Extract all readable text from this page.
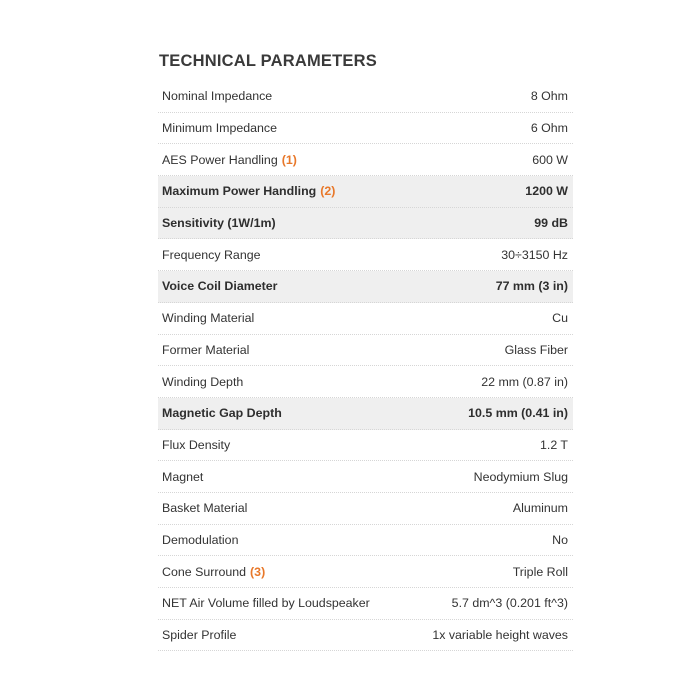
TECHNICAL PARAMETERS
Nominal Impedance	8 Ohm
Minimum Impedance	6 Ohm
AES Power Handling (1)	600 W
Maximum Power Handling (2)	1200 W
Sensitivity (1W/1m)	99 dB
Frequency Range	30÷3150 Hz
Voice Coil Diameter	77 mm (3 in)
Winding Material	Cu
Former Material	Glass Fiber
Winding Depth	22 mm (0.87 in)
Magnetic Gap Depth	10.5 mm (0.41 in)
Flux Density	1.2 T
Magnet	Neodymium Slug
Basket Material	Aluminum
Demodulation	No
Cone Surround (3)	Triple Roll
NET Air Volume filled by Loudspeaker	5.7 dm^3 (0.201 ft^3)
Spider Profile	1x variable height waves
